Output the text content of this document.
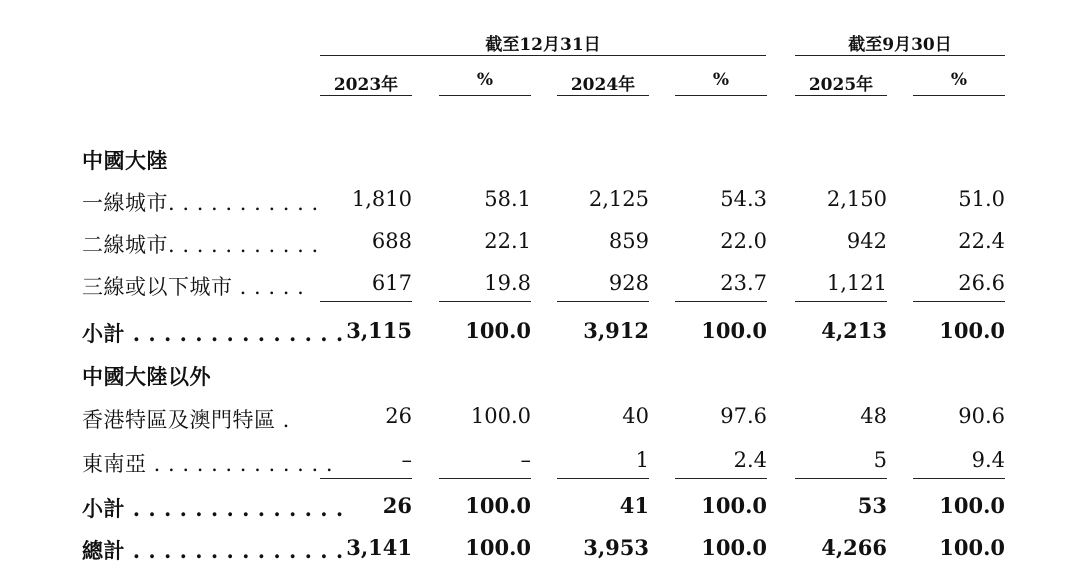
截至12月31日	截至9月30日
2023年	%	2024年	%	2025年	%
中國大陸
一線城市. . . . . . . . . . .	1,810	58.1	2,125	54.3	2,150	51.0
二線城市. . . . . . . . . . .	688	22.1	859	22.0	942	22.4
三線或以下城市 . . . . .	617	19.8	928	23.7	1,121	26.6
小計 . . . . . . . . . . . . . . 3,115	100.0	3,912	100.0	4,213	100.0
中國大陸以外
香港特區及澳門特區 .	26	100.0	40	97.6	48	90.6
東南亞 . . . . . . . . . . . . .	–	–	1	2.4	5	9.4
小計 . . . . . . . . . . . . . .	26	100.0	41	100.0	53	100.0
總計 . . . . . . . . . . . . . . 3,141	100.0	3,953	100.0	4,266	100.0
